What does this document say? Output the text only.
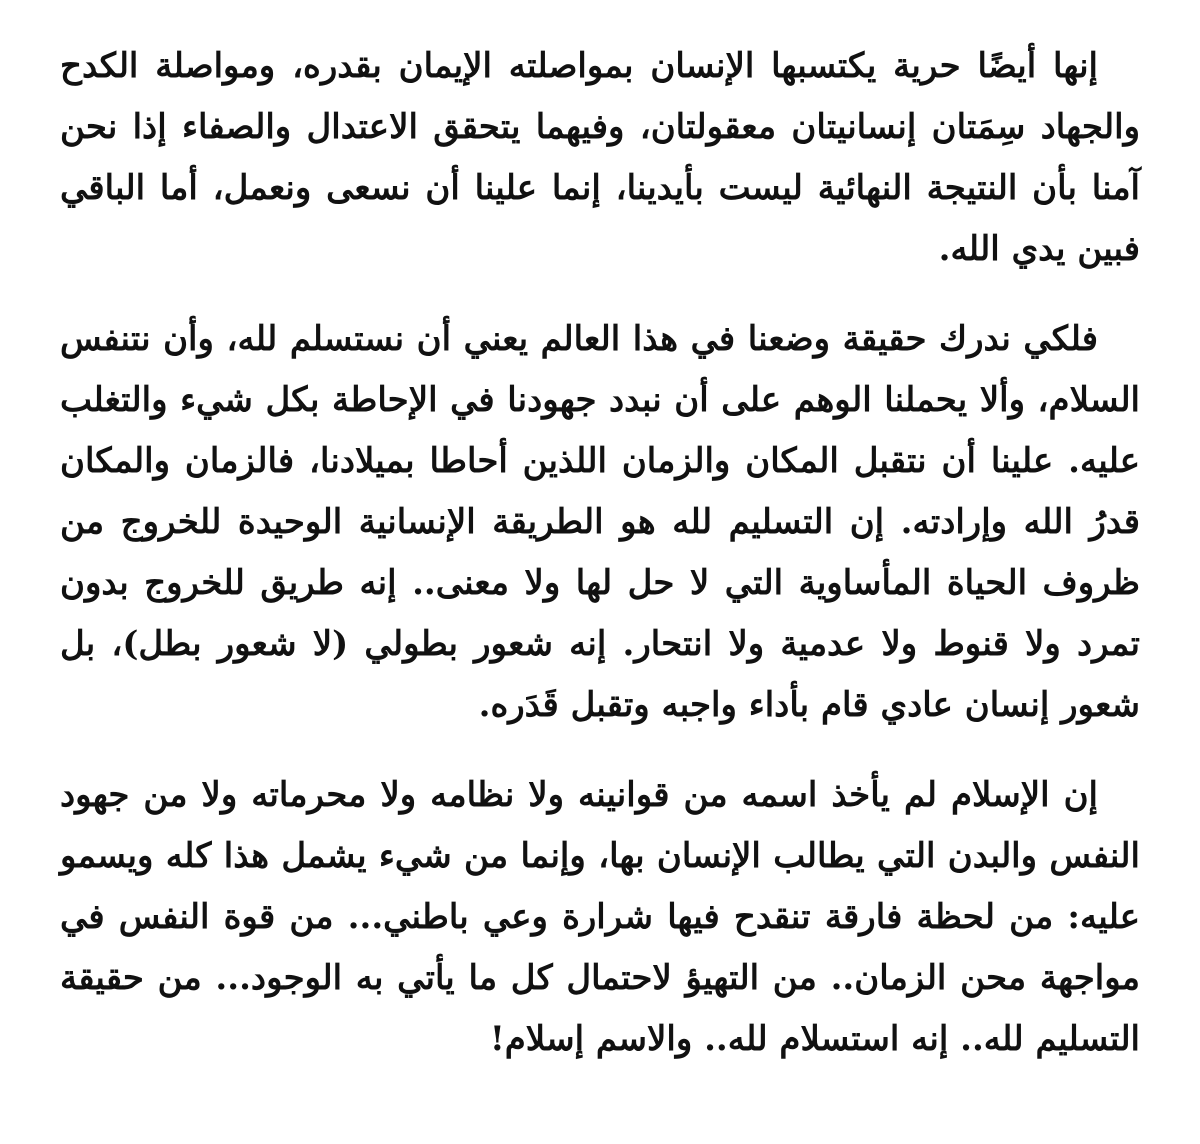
إنها أيضًا حرية يكتسبها الإنسان بمواصلته الإيمان بقدره، ومواصلة الكدح والجهاد سِمَتان إنسانيتان معقولتان، وفيهما يتحقق الاعتدال والصفاء إذا نحن آمنا بأن النتيجة النهائية ليست بأيدينا، إنما علينا أن نسعى ونعمل، أما الباقي فبين يدي الله.

فلكي ندرك حقيقة وضعنا في هذا العالم يعني أن نستسلم لله، وأن نتنفس السلام، وألا يحملنا الوهم على أن نبدد جهودنا في الإحاطة بكل شيء والتغلب عليه. علينا أن نتقبل المكان والزمان اللذين أحاطا بميلادنا، فالزمان والمكان قدرُ الله وإرادته. إن التسليم لله هو الطريقة الإنسانية الوحيدة للخروج من ظروف الحياة المأساوية التي لا حل لها ولا معنى.. إنه طريق للخروج بدون تمرد ولا قنوط ولا عدمية ولا انتحار. إنه شعور بطولي (لا شعور بطل)، بل شعور إنسان عادي قام بأداء واجبه وتقبل قَدَره.

إن الإسلام لم يأخذ اسمه من قوانينه ولا نظامه ولا محرماته ولا من جهود النفس والبدن التي يطالب الإنسان بها، وإنما من شيء يشمل هذا كله ويسمو عليه: من لحظة فارقة تنقدح فيها شرارة وعي باطني... من قوة النفس في مواجهة محن الزمان.. من التهيؤ لاحتمال كل ما يأتي به الوجود... من حقيقة التسليم لله.. إنه استسلام لله.. والاسم إسلام!
